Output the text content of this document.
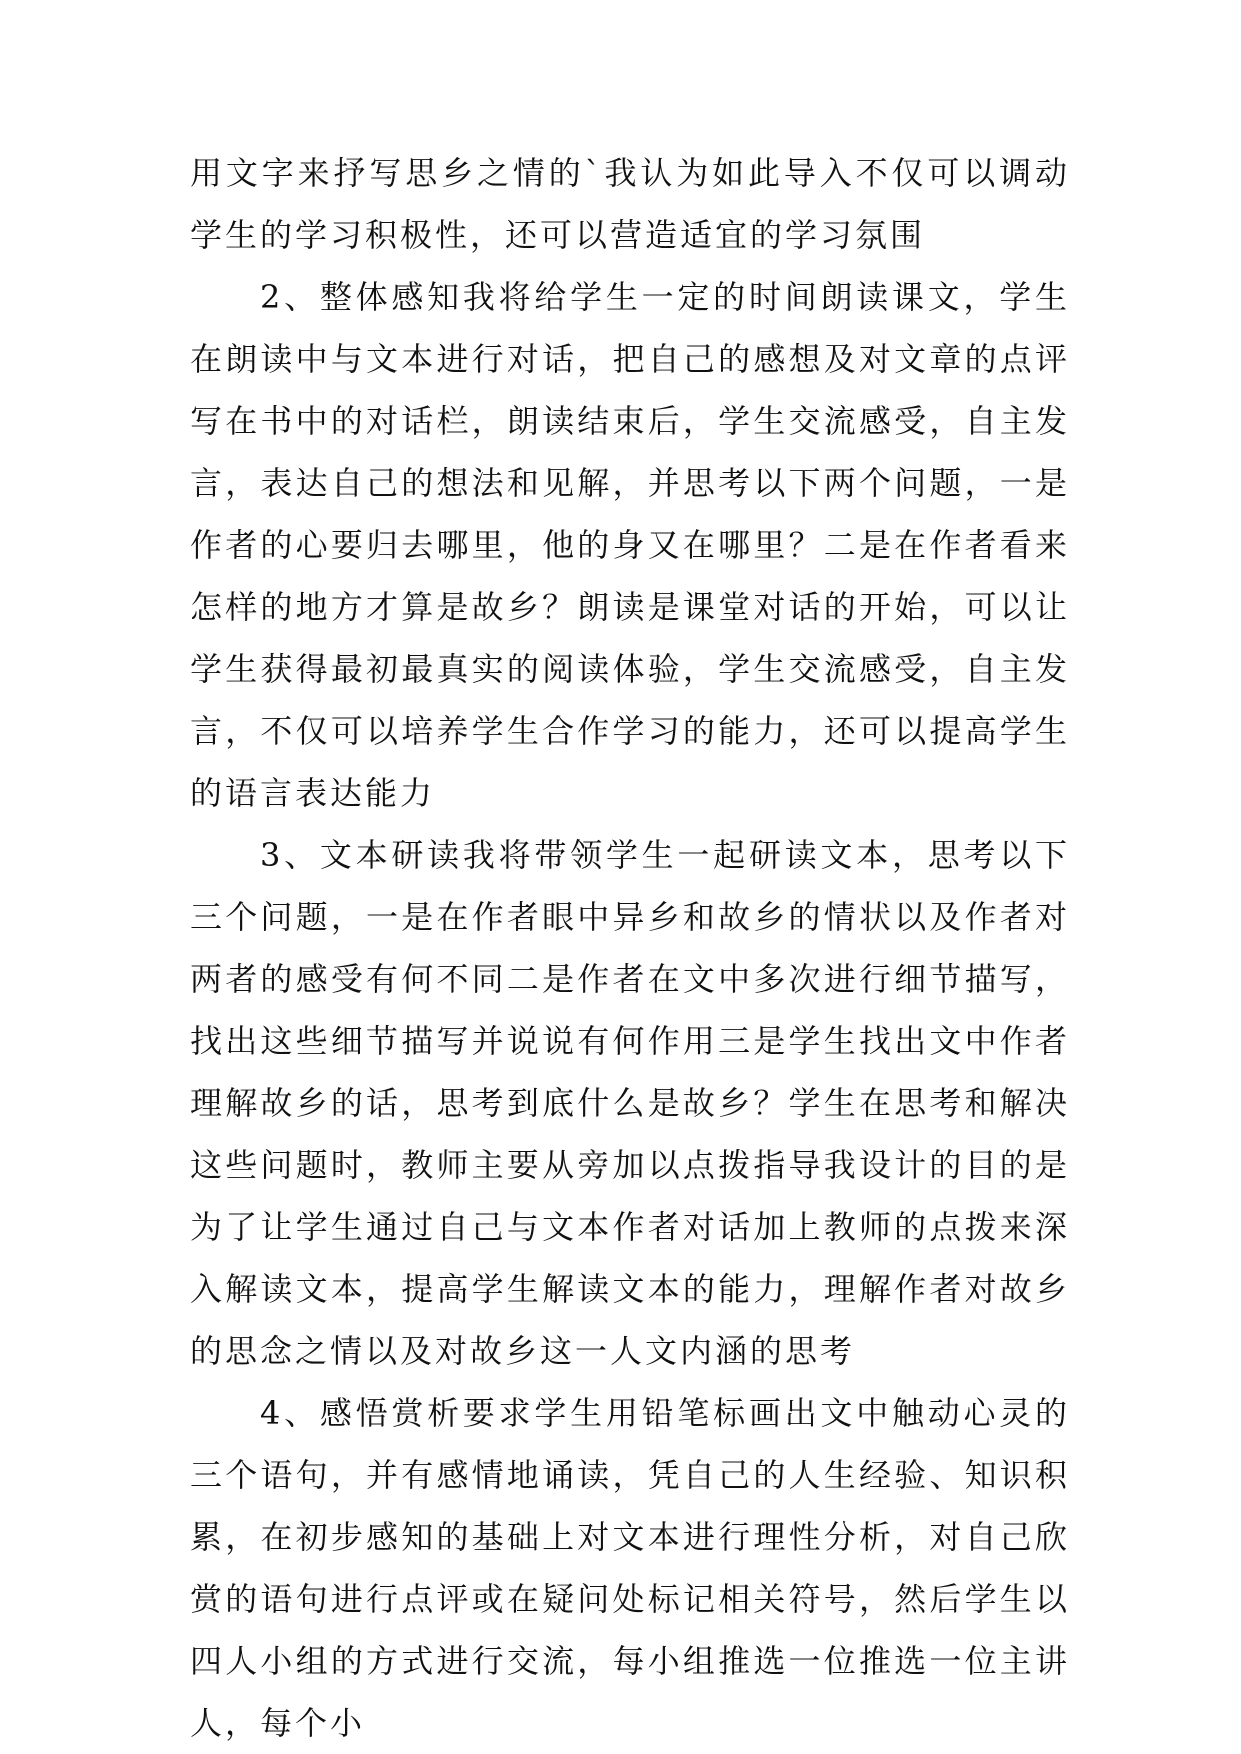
用文字来抒写思乡之情的`我认为如此导入不仅可以调动学生的学习积极性，还可以营造适宜的学习氛围

2、整体感知我将给学生一定的时间朗读课文，学生在朗读中与文本进行对话，把自己的感想及对文章的点评写在书中的对话栏，朗读结束后，学生交流感受，自主发言，表达自己的想法和见解，并思考以下两个问题，一是作者的心要归去哪里，他的身又在哪里？二是在作者看来怎样的地方才算是故乡？朗读是课堂对话的开始，可以让学生获得最初最真实的阅读体验，学生交流感受，自主发言，不仅可以培养学生合作学习的能力，还可以提高学生的语言表达能力

3、文本研读我将带领学生一起研读文本，思考以下三个问题，一是在作者眼中异乡和故乡的情状以及作者对两者的感受有何不同二是作者在文中多次进行细节描写，找出这些细节描写并说说有何作用三是学生找出文中作者理解故乡的话，思考到底什么是故乡？学生在思考和解决这些问题时，教师主要从旁加以点拨指导我设计的目的是为了让学生通过自己与文本作者对话加上教师的点拨来深入解读文本，提高学生解读文本的能力，理解作者对故乡的思念之情以及对故乡这一人文内涵的思考

4、感悟赏析要求学生用铅笔标画出文中触动心灵的三个语句，并有感情地诵读，凭自己的人生经验、知识积累，在初步感知的基础上对文本进行理性分析，对自己欣赏的语句进行点评或在疑问处标记相关符号，然后学生以四人小组的方式进行交流，每小组推选一位推选一位主讲人，每个小
